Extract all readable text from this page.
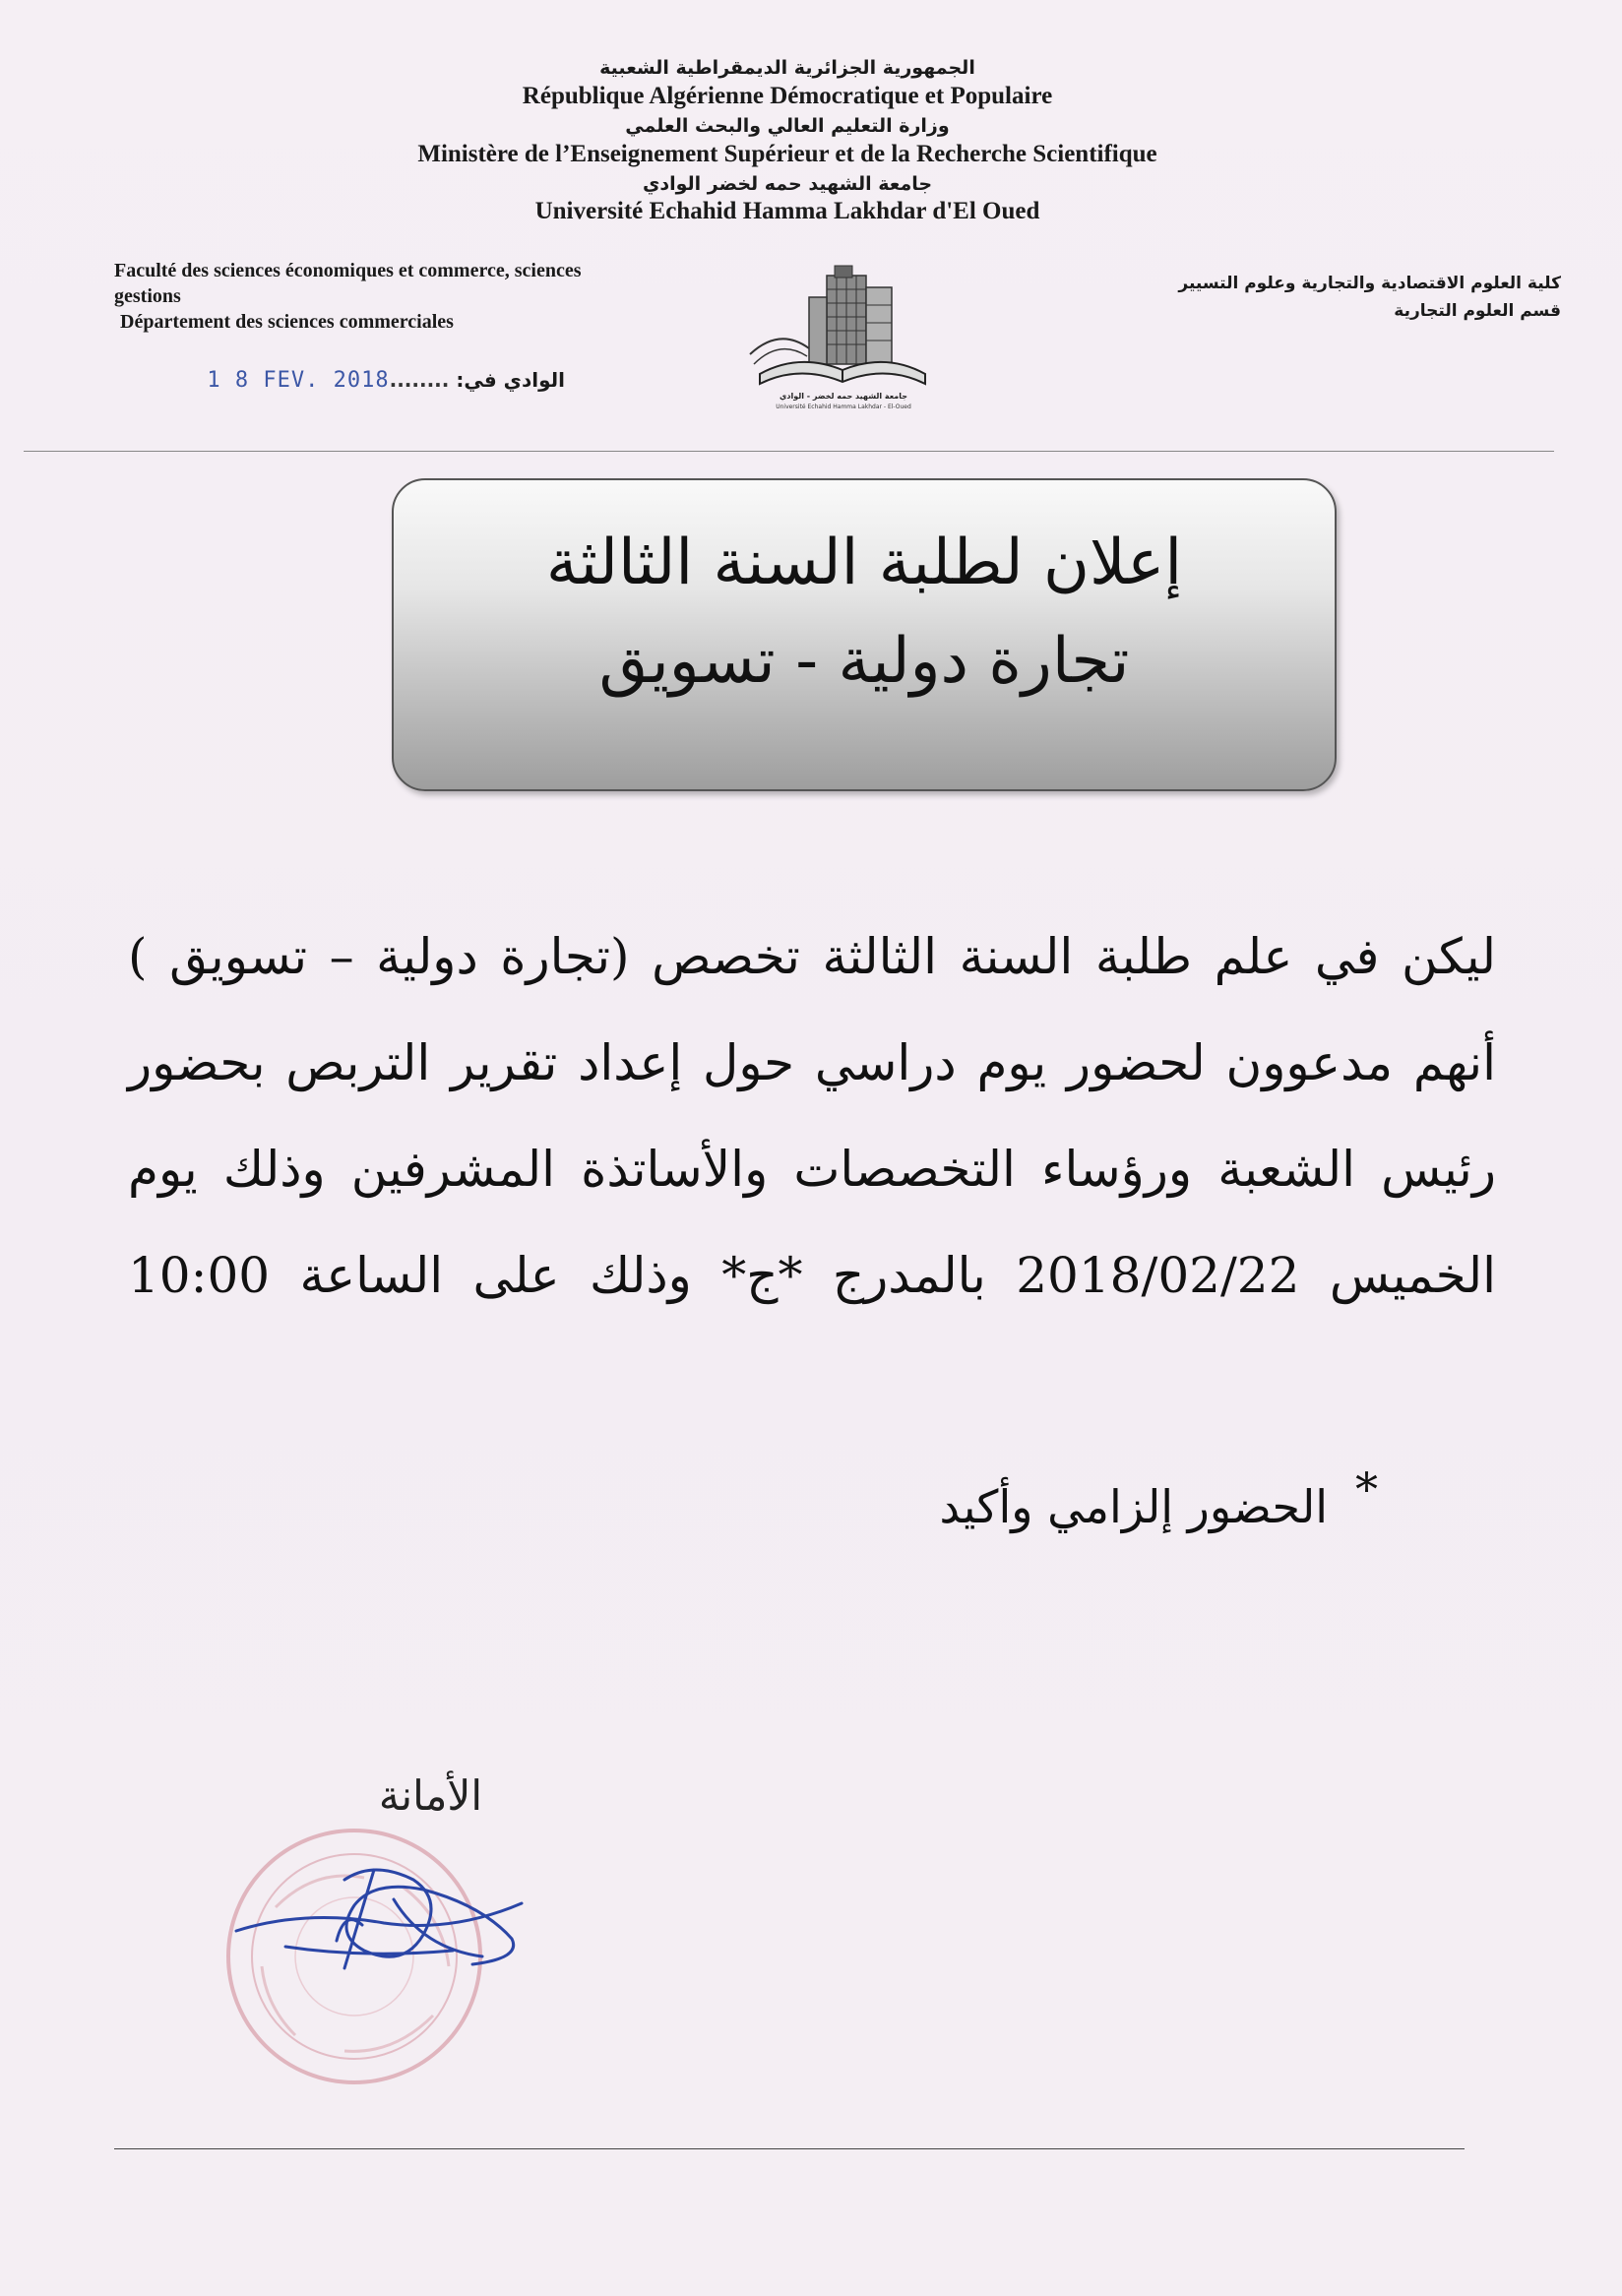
الجمهورية الجزائرية الديمقراطية الشعبية
République Algérienne Démocratique et Populaire
وزارة التعليم العالي والبحث العلمي
Ministère de l’Enseignement Supérieur et de la Recherche Scientifique
جامعة الشهيد حمه لخضر الوادي
Université Echahid Hamma Lakhdar d'El Oued
Faculté des sciences économiques et commerce, sciences
gestions
Département des sciences commerciales
كلية العلوم الاقتصادية والتجارية وعلوم التسيير
قسم العلوم التجارية
الوادي في: ........1 8 FEV. 2018
جامعة الشهيد حمه لخضر - الوادي
Université Echahid Hamma Lakhdar - El-Oued
إعلان لطلبة السنة الثالثة
تجارة دولية - تسويق
ليكن في علم طلبة السنة الثالثة تخصص (تجارة دولية – تسويق )
أنهم مدعوون لحضور يوم دراسي حول إعداد تقرير التربص بحضور
رئيس الشعبة ورؤساء التخصصات والأساتذة المشرفين وذلك يوم
الخميس 2018/02/22 بالمدرج *ج* وذلك على الساعة 10:00
*الحضور إلزامي وأكيد
الأمانة
